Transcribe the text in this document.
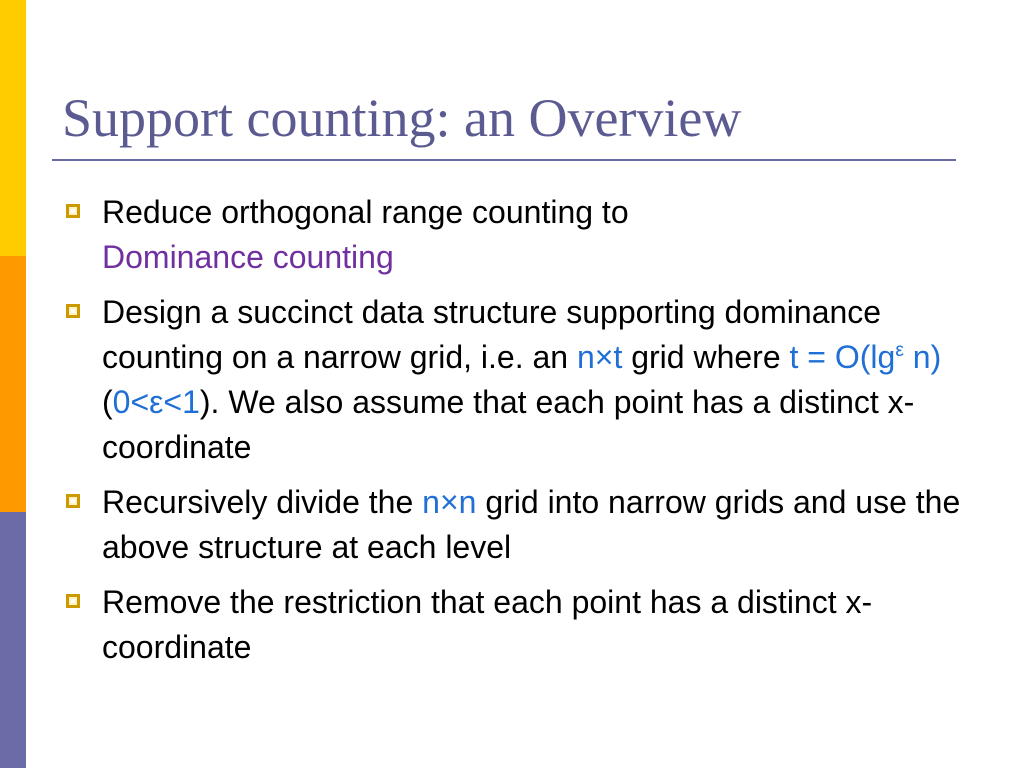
Support counting: an Overview
Reduce orthogonal range counting to
Dominance counting
Design a succinct data structure supporting dominance counting on a narrow grid, i.e. an n×t grid where $t = O(\lg^\varepsilon$ n) (0<ε<1). We also assume that each point has a distinct x-coordinate
Recursively divide the n×n grid into narrow grids and use the above structure at each level
Remove the restriction that each point has a distinct x-coordinate
